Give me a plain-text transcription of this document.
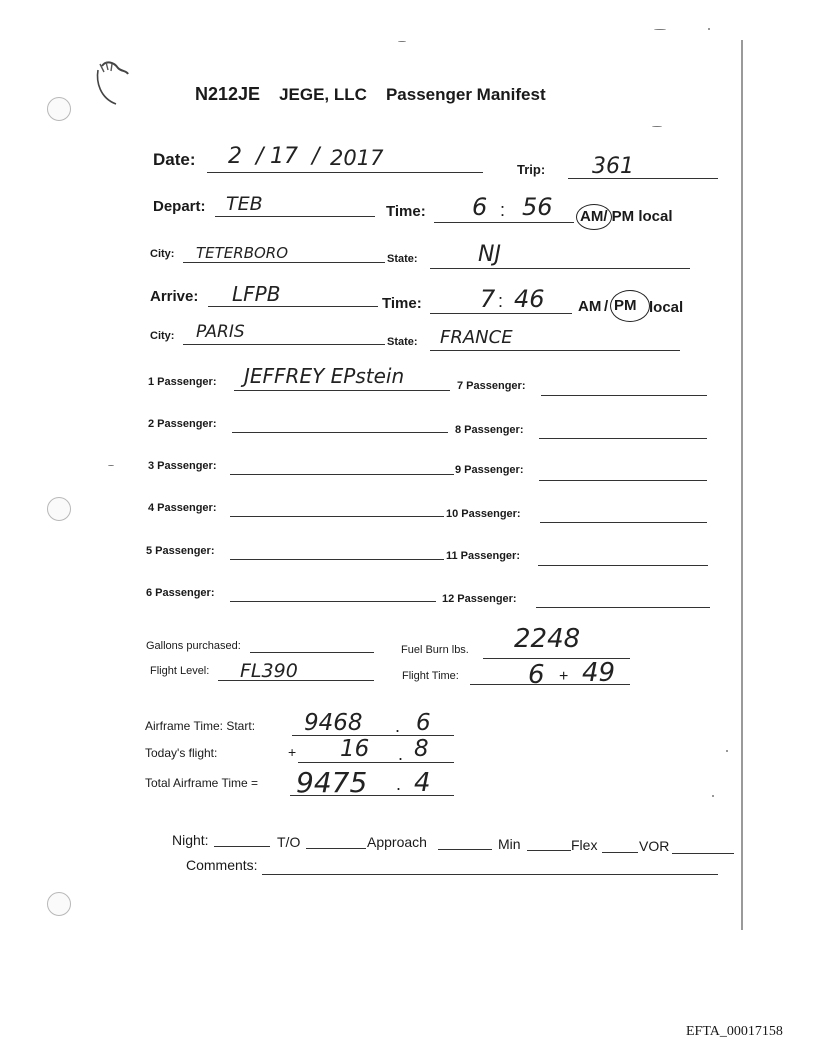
N212JE JEGE, LLC Passenger Manifest
Date: 2 / 17 / 2017	Trip: 361
Depart: TEB	Time: 6 : 56 AM/ PM local
City: TETERBORO	State:	NJ
Arrive: LFPB	Time: 7 : 46 AM / PM local
City: PARIS	State: FRANCE
1 Passenger: JEFFREY EPstein
2 Passenger:
3 Passenger:
4 Passenger:
5 Passenger:
6 Passenger:
7 Passenger:
8 Passenger:
9 Passenger:
10 Passenger:
11 Passenger:
12 Passenger:
Gallons purchased:	Fuel Burn lbs. 2248
Flight Level: FL390	Flight Time:	6 + 49
Airframe Time: Start: 9468 . 6
Today's flight:	+ 16 . 8
Total Airframe Time = 9475 . 4
Night:	T/O	Approach	Min	Flex	VOR
Comments:
EFTA_00017158
